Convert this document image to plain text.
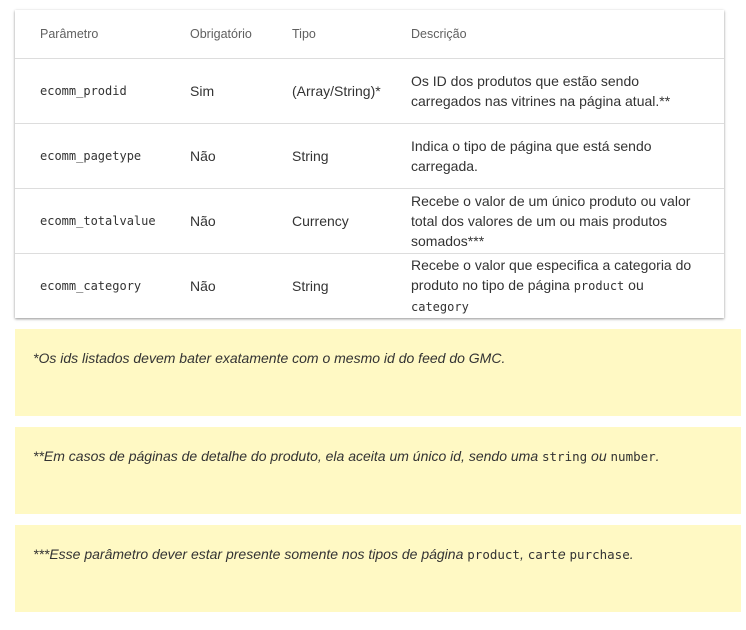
Parâmetro	Obrigatório	Tipo	Descrição
ecomm_prodid	Sim	(Array/String)*	Os ID dos produtos que estão sendo carregados nas vitrines na página atual.**
ecomm_pagetype	Não	String	Indica o tipo de página que está sendo carregada.
ecomm_totalvalue	Não	Currency	Recebe o valor de um único produto ou valor total dos valores de um ou mais produtos somados***
ecomm_category	Não	String	Recebe o valor que especifica a categoria do produto no tipo de página product ou category
*Os ids listados devem bater exatamente com o mesmo id do feed do GMC.
**Em casos de páginas de detalhe do produto, ela aceita um único id, sendo uma string ou number.
***Esse parâmetro dever estar presente somente nos tipos de página product, carte purchase.
